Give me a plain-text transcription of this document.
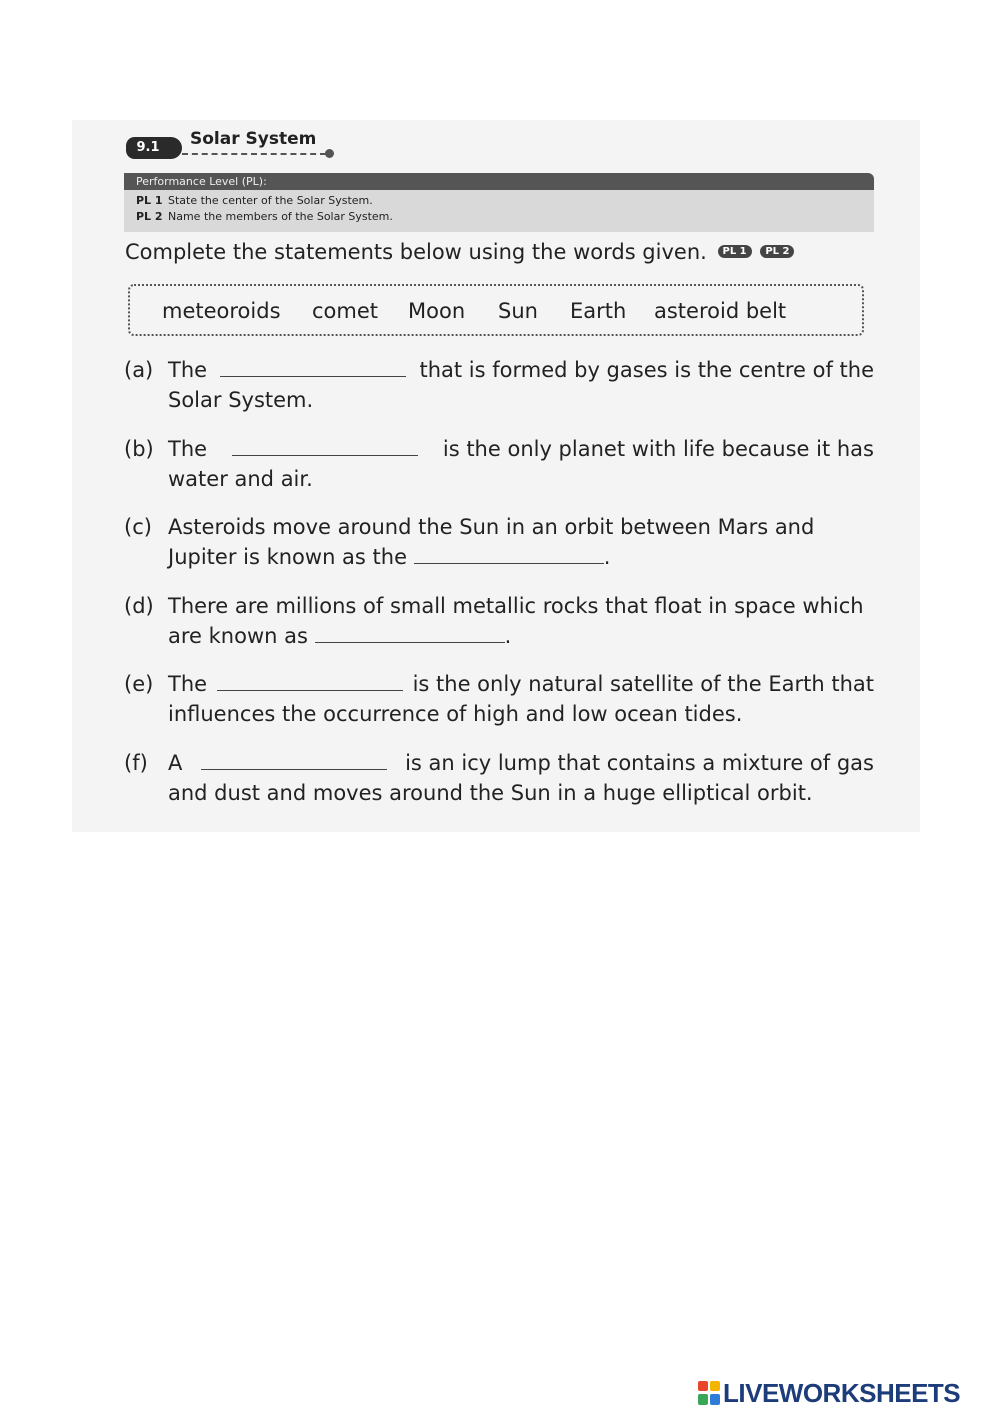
9.1	Solar System
Performance Level (PL):
PL 1 State the center of the Solar System.
PL 2 Name the members of the Solar System.
Complete the statements below using the words given. PL 1 PL 2
meteoroids comet Moon Sun Earth asteroid belt
(a) The	that is formed by gases is the centre of the
Solar System.
(b) The	is the only planet with life because it has
water and air.
(c) Asteroids move around the Sun in an orbit between Mars and
Jupiter is known as the	.
(d) There are millions of small metallic rocks that float in space which
are known as	.
(e) The	is the only natural satellite of the Earth that
influences the occurrence of high and low ocean tides.
(f) A	is an icy lump that contains a mixture of gas
and dust and moves around the Sun in a huge elliptical orbit.
LIVEWORKSHEETS
